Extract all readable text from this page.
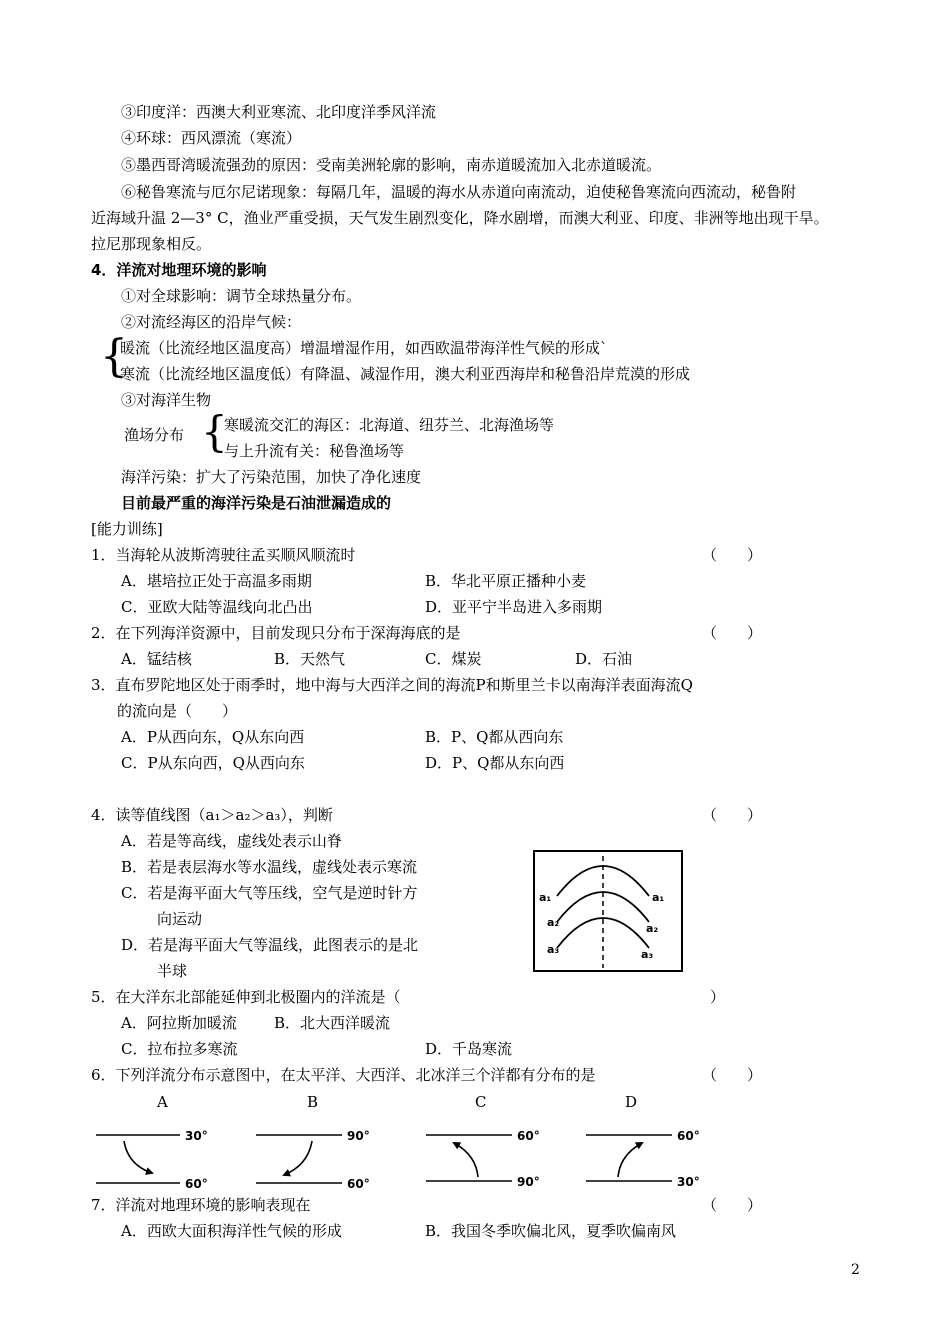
③印度洋：西澳大利亚寒流、北印度洋季风洋流
④环球：西风漂流（寒流）
⑤墨西哥湾暖流强劲的原因：受南美洲轮廓的影响，南赤道暖流加入北赤道暖流。
⑥秘鲁寒流与厄尔尼诺现象：每隔几年，温暖的海水从赤道向南流动，迫使秘鲁寒流向西流动，秘鲁附
近海域升温 2—3° C，渔业严重受损，天气发生剧烈变化，降水剧增，而澳大利亚、印度、非洲等地出现干旱。
拉尼那现象相反。
4．洋流对地理环境的影响
①对全球影响：调节全球热量分布。
②对流经海区的沿岸气候：
{
暖流（比流经地区温度高）增温增湿作用，如西欧温带海洋性气候的形成`
寒流（比流经地区温度低）有降温、减湿作用，澳大利亚西海岸和秘鲁沿岸荒漠的形成
③对海洋生物
渔场分布 {
寒暖流交汇的海区：北海道、纽芬兰、北海渔场等
与上升流有关：秘鲁渔场等
海洋污染：扩大了污染范围，加快了净化速度
目前最严重的海洋污染是石油泄漏造成的
[能力训练]
1．当海轮从波斯湾驶往孟买顺风顺流时	（　　）
A．堪培拉正处于高温多雨期	B．华北平原正播种小麦
C．亚欧大陆等温线向北凸出	D．亚平宁半岛进入多雨期
2．在下列海洋资源中，目前发现只分布于深海海底的是	（　　）
A．锰结核	B．天然气	C．煤炭	D．石油
3．直布罗陀地区处于雨季时，地中海与大西洋之间的海流P和斯里兰卡以南海洋表面海流Q
的流向是（　　）
A．P从西向东，Q从东向西	B．P、Q都从西向东
C．P从东向西，Q从西向东	D．P、Q都从东向西
4．读等值线图（a₁＞a₂＞a₃），判断	（　　）
A．若是等高线，虚线处表示山脊
B．若是表层海水等水温线，虚线处表示寒流
C．若是海平面大气等压线，空气是逆时针方
向运动
D．若是海平面大气等温线，此图表示的是北
半球
a₁	a₁
a₂	a₂
a₃	a₃
5．在大洋东北部能延伸到北极圈内的洋流是（	）
A．阿拉斯加暖流 B．北大西洋暖流
C．拉布拉多寒流	D．千岛寒流
6．下列洋流分布示意图中，在太平洋、大西洋、北冰洋三个洋都有分布的是	（　　）
A	B	C	D
30°
60°
90°
60°
60°
90°
60°
30°
7．洋流对地理环境的影响表现在	（　　）
A．西欧大面积海洋性气候的形成	B．我国冬季吹偏北风，夏季吹偏南风
2
